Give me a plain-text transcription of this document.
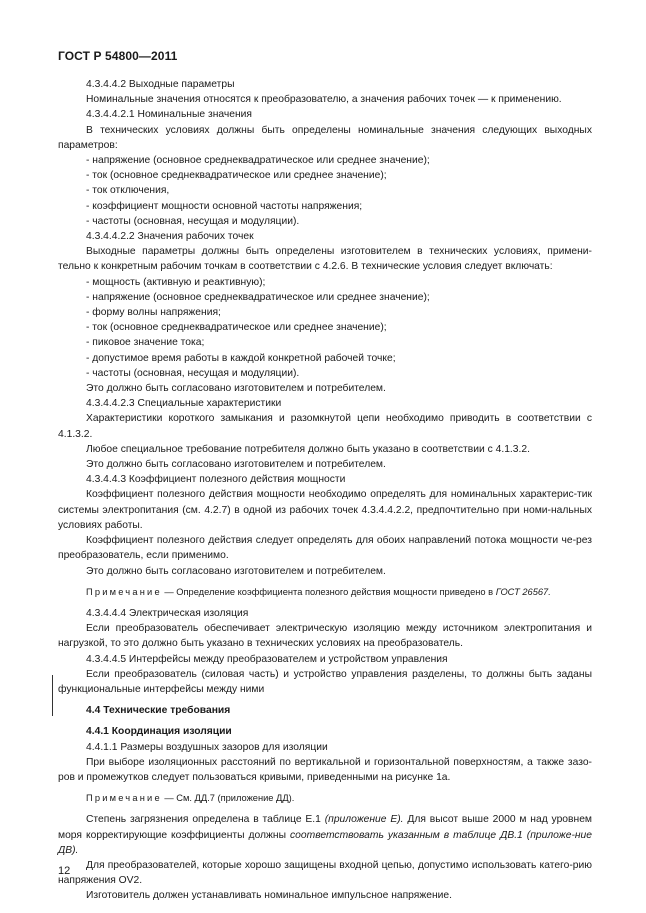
ГОСТ Р 54800—2011

4.3.4.4.2 Выходные параметры

Номинальные значения относятся к преобразователю, а значения рабочих точек — к применению.

4.3.4.4.2.1 Номинальные значения

В технических условиях должны быть определены номинальные значения следующих выходных параметров:

- напряжение (основное среднеквадратическое или среднее значение);

- ток (основное среднеквадратическое или среднее значение);

- ток отключения,

- коэффициент мощности основной частоты напряжения;

- частоты (основная, несущая и модуляции).

4.3.4.4.2.2 Значения рабочих точек

Выходные параметры должны быть определены изготовителем в технических условиях, примени-тельно к конкретным рабочим точкам в соответствии с 4.2.6. В технические условия следует включать:

- мощность (активную и реактивную);

- напряжение (основное среднеквадратическое или среднее значение);

- форму волны напряжения;

- ток (основное среднеквадратическое или среднее значение);

- пиковое значение тока;

- допустимое время работы в каждой конкретной рабочей точке;

- частоты (основная, несущая и модуляции).

Это должно быть согласовано изготовителем и потребителем.

4.3.4.4.2.3 Специальные характеристики

Характеристики короткого замыкания и разомкнутой цепи необходимо приводить в соответствии с 4.1.3.2.

Любое специальное требование потребителя должно быть указано в соответствии с 4.1.3.2.

Это должно быть согласовано изготовителем и потребителем.

4.3.4.4.3 Коэффициент полезного действия мощности

Коэффициент полезного действия мощности необходимо определять для номинальных характерис-тик системы электропитания (см. 4.2.7) в одной из рабочих точек 4.3.4.4.2.2, предпочтительно при номи-нальных условиях работы.

Коэффициент полезного действия следует определять для обоих направлений потока мощности че-рез преобразователь, если применимо.

Это должно быть согласовано изготовителем и потребителем.

Примечание — Определение коэффициента полезного действия мощности приведено в ГОСТ 26567.

4.3.4.4.4 Электрическая изоляция

Если преобразователь обеспечивает электрическую изоляцию между источником электропитания и нагрузкой, то это должно быть указано в технических условиях на преобразователь.

4.3.4.4.5 Интерфейсы между преобразователем и устройством управления

Если преобразователь (силовая часть) и устройство управления разделены, то должны быть заданы функциональные интерфейсы между ними

4.4 Технические требования

4.4.1 Координация изоляции

4.4.1.1 Размеры воздушных зазоров для изоляции

При выборе изоляционных расстояний по вертикальной и горизонтальной поверхностям, а также зазо-ров и промежутков следует пользоваться кривыми, приведенными на рисунке 1а.

Примечание — См. ДД.7 (приложение ДД).

Степень загрязнения определена в таблице Е.1 (приложение Е). Для высот выше 2000 м над уровнем моря корректирующие коэффициенты должны соответствовать указанным в таблице ДВ.1 (приложе-ние ДВ).

Для преобразователей, которые хорошо защищены входной цепью, допустимо использовать катего-рию напряжения OV2.

Изготовитель должен устанавливать номинальное импульсное напряжение.

12
